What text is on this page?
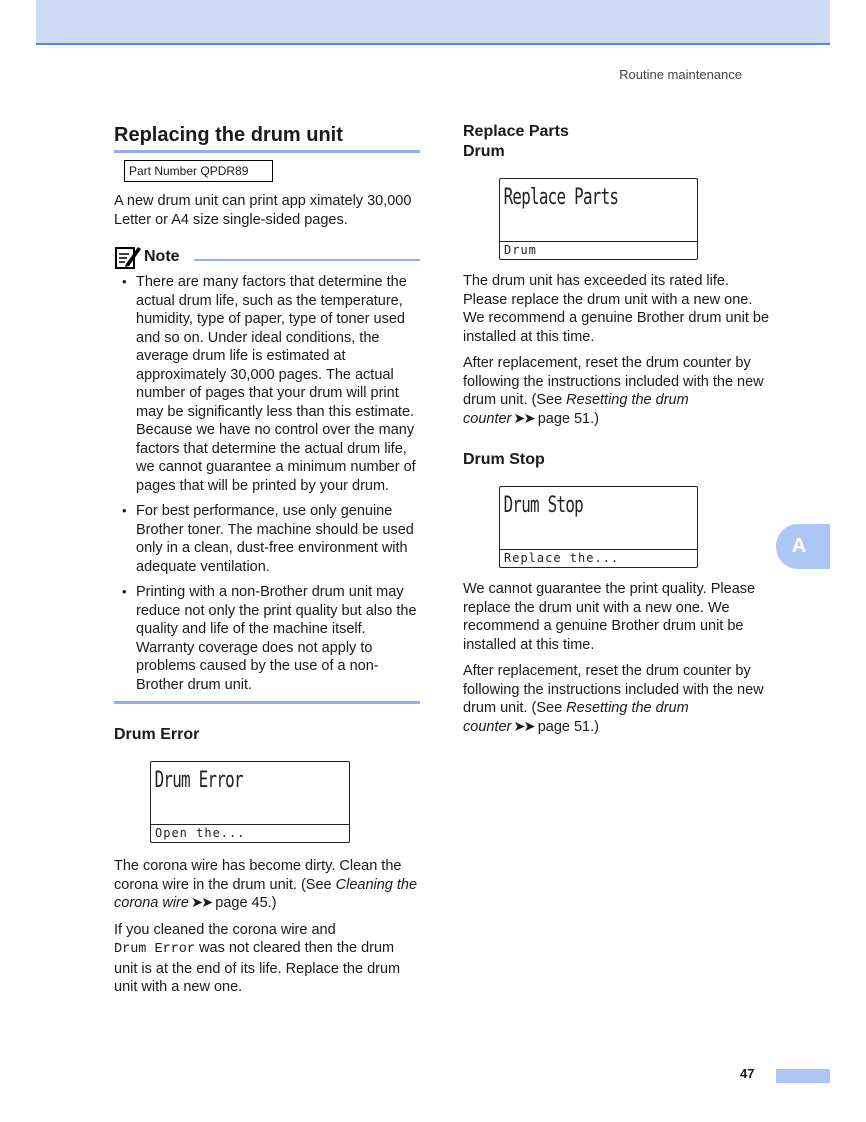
Routine maintenance
Replacing the drum unit
Part Number QPDR89

A new drum unit can print app ximately 30,000 Letter or A4 size single-sided pages.

Note
• There are many factors that determine the actual drum life, such as the temperature, humidity, type of paper, type of toner used and so on. Under ideal conditions, the average drum life is estimated at approximately 30,000 pages. The actual number of pages that your drum will print may be significantly less than this estimate. Because we have no control over the many factors that determine the actual drum life, we cannot guarantee a minimum number of pages that will be printed by your drum.
• For best performance, use only genuine Brother toner. The machine should be used only in a clean, dust-free environment with adequate ventilation.
• Printing with a non-Brother drum unit may reduce not only the print quality but also the quality and life of the machine itself. Warranty coverage does not apply to problems caused by the use of a non-Brother drum unit.
Drum Error
Drum Error
Open the...

The corona wire has become dirty. Clean the corona wire in the drum unit. (See Cleaning the corona wire ➤➤ page 45.)

If you cleaned the corona wire and
Drum Error was not cleared then the drum unit is at the end of its life. Replace the drum unit with a new one.

Replace Parts
Drum
Replace Parts
Drum

The drum unit has exceeded its rated life. Please replace the drum unit with a new one. We recommend a genuine Brother drum unit be installed at this time.

After replacement, reset the drum counter by following the instructions included with the new drum unit. (See Resetting the drum counter ➤➤ page 51.)

Drum Stop
Drum Stop
Replace the...

We cannot guarantee the print quality. Please replace the drum unit with a new one. We recommend a genuine Brother drum unit be installed at this time.

After replacement, reset the drum counter by following the instructions included with the new drum unit. (See Resetting the drum counter ➤➤ page 51.)

A
47
